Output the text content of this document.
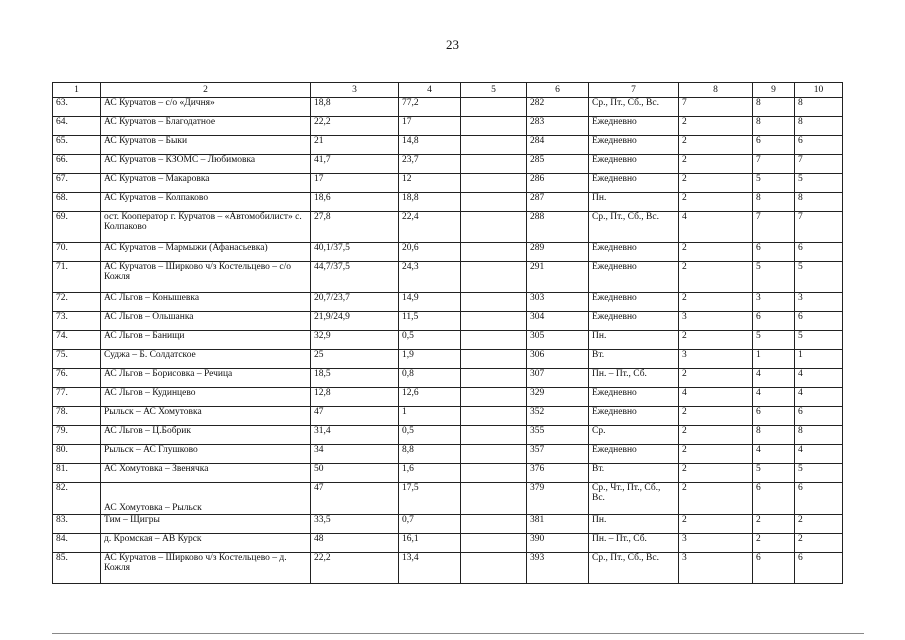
23
1	2	3	4	5	6	7	8	9	10
63.	АС Курчатов – с/о «Дичня»	18,8	77,2		282	Ср., Пт., Сб., Вс.	7	8	8
64.	АС Курчатов – Благодатное	22,2	17		283	Ежедневно	2	8	8
65.	АС Курчатов – Быки	21	14,8		284	Ежедневно	2	6	6
66.	АС Курчатов – КЗОМС – Любимовка	41,7	23,7		285	Ежедневно	2	7	7
67.	АС Курчатов – Макаровка	17	12		286	Ежедневно	2	5	5
68.	АС Курчатов – Колпаково	18,6	18,8		287	Пн.	2	8	8
69.	ост. Кооператор г. Курчатов – «Автомобилист» с. Колпаково	27,8	22,4		288	Ср., Пт., Сб., Вс.	4	7	7
70.	АС Курчатов – Мармыжи (Афанасьевка)	40,1/37,5	20,6		289	Ежедневно	2	6	6
71.	АС Курчатов – Ширково ч/з Костельцево – с/о Кожля	44,7/37,5	24,3		291	Ежедневно	2	5	5
72.	АС Льгов – Конышевка	20,7/23,7	14,9		303	Ежедневно	2	3	3
73.	АС Льгов – Ольшанка	21,9/24,9	11,5		304	Ежедневно	3	6	6
74.	АС Льгов – Банищи	32,9	0,5		305	Пн.	2	5	5
75.	Суджа – Б. Солдатское	25	1,9		306	Вт.	3	1	1
76.	АС Льгов – Борисовка – Речица	18,5	0,8		307	Пн. – Пт., Сб.	2	4	4
77.	АС Льгов – Кудинцево	12,8	12,6		329	Ежедневно	4	4	4
78.	Рыльск – АС Хомутовка	47	1		352	Ежедневно	2	6	6
79.	АС Льгов – Ц.Бобрик	31,4	0,5		355	Ср.	2	8	8
80.	Рыльск – АС Глушково	34	8,8		357	Ежедневно	2	4	4
81.	АС Хомутовка – Звенячка	50	1,6		376	Вт.	2	5	5
82.	АС Хомутовка – Рыльск	47	17,5		379	Ср., Чт., Пт., Сб., Вс.	2	6	6
83.	Тим – Щигры	33,5	0,7		381	Пн.	2	2	2
84.	д. Кромская – АВ Курск	48	16,1		390	Пн. – Пт., Сб.	3	2	2
85.	АС Курчатов – Ширково ч/з Костельцево – д. Кожля	22,2	13,4		393	Ср., Пт., Сб., Вс.	3	6	6
